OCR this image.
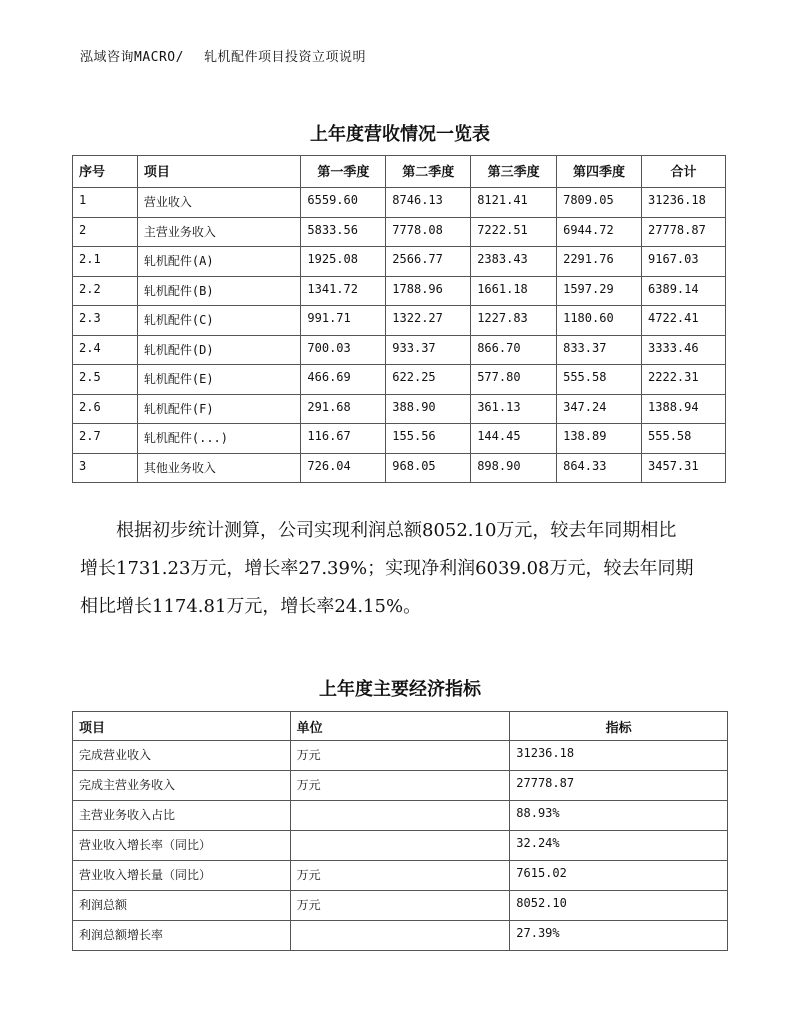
泓域咨询MACRO/ 轧机配件项目投资立项说明
上年度营收情况一览表
序号	项目	第一季度	第二季度	第三季度	第四季度	合计
1	营业收入	6559.60	8746.13	8121.41	7809.05	31236.18
2	主营业务收入	5833.56	7778.08	7222.51	6944.72	27778.87
2.1	轧机配件(A)	1925.08	2566.77	2383.43	2291.76	9167.03
2.2	轧机配件(B)	1341.72	1788.96	1661.18	1597.29	6389.14
2.3	轧机配件(C)	991.71	1322.27	1227.83	1180.60	4722.41
2.4	轧机配件(D)	700.03	933.37	866.70	833.37	3333.46
2.5	轧机配件(E)	466.69	622.25	577.80	555.58	2222.31
2.6	轧机配件(F)	291.68	388.90	361.13	347.24	1388.94
2.7	轧机配件(...)	116.67	155.56	144.45	138.89	555.58
3	其他业务收入	726.04	968.05	898.90	864.33	3457.31

根据初步统计测算，公司实现利润总额8052.10万元，较去年同期相比

增长1731.23万元，增长率27.39%；实现净利润6039.08万元，较去年同期

相比增长1174.81万元，增长率24.15%。

上年度主要经济指标
项目	单位	指标
完成营业收入	万元	31236.18
完成主营业务收入	万元	27778.87
主营业务收入占比		88.93%
营业收入增长率（同比）		32.24%
营业收入增长量（同比）	万元	7615.02
利润总额	万元	8052.10
利润总额增长率		27.39%
